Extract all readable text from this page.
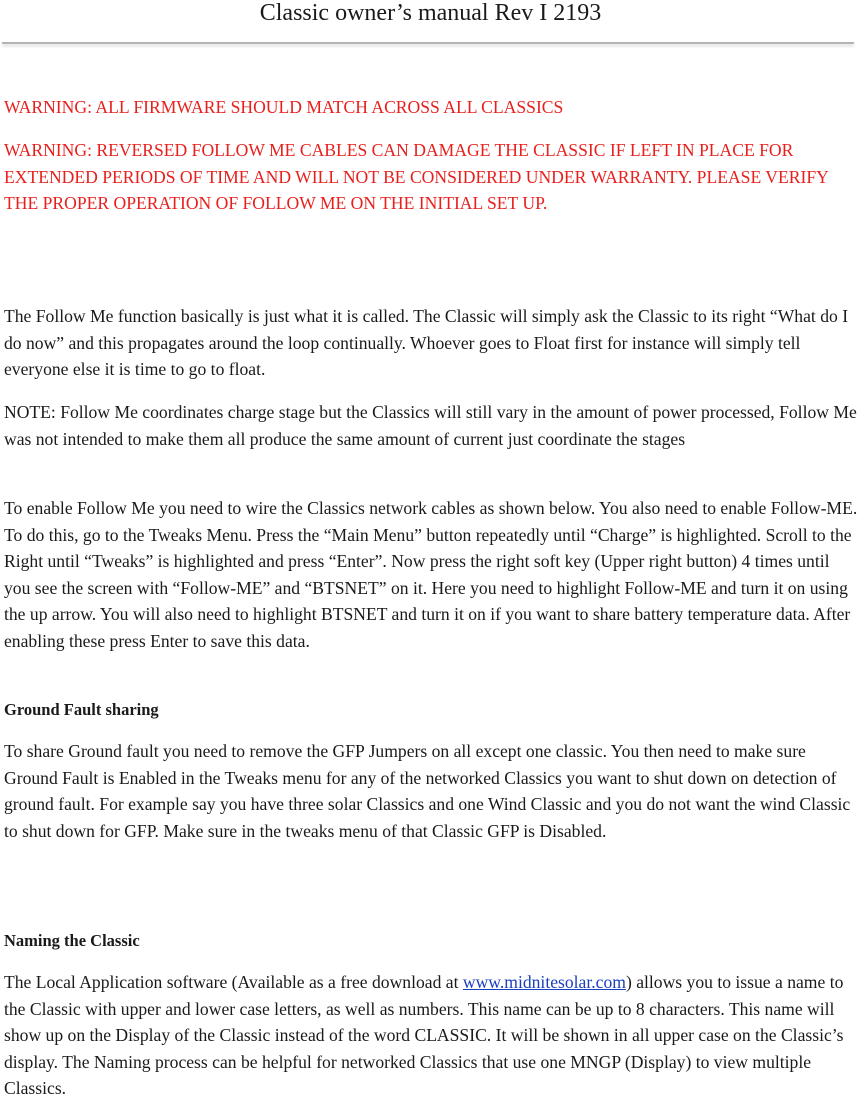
Classic owner’s manual Rev I 2193

WARNING: ALL FIRMWARE SHOULD MATCH ACROSS ALL CLASSICS

WARNING: REVERSED FOLLOW ME CABLES CAN DAMAGE THE CLASSIC IF LEFT IN PLACE FOR EXTENDED PERIODS OF TIME AND WILL NOT BE CONSIDERED UNDER WARRANTY. PLEASE VERIFY THE PROPER OPERATION OF FOLLOW ME ON THE INITIAL SET UP.

The Follow Me function basically is just what it is called. The Classic will simply ask the Classic to its right “What do I do now” and this propagates around the loop continually. Whoever goes to Float first for instance will simply tell everyone else it is time to go to float.

NOTE: Follow Me coordinates charge stage but the Classics will still vary in the amount of power processed, Follow Me was not intended to make them all produce the same amount of current just coordinate the stages

To enable Follow Me you need to wire the Classics network cables as shown below. You also need to enable Follow-ME. To do this, go to the Tweaks Menu. Press the “Main Menu” button repeatedly until “Charge” is highlighted. Scroll to the Right until “Tweaks” is highlighted and press “Enter”. Now press the right soft key (Upper right button) 4 times until you see the screen with “Follow-ME” and “BTSNET” on it. Here you need to highlight Follow-ME and turn it on using the up arrow. You will also need to highlight BTSNET and turn it on if you want to share battery temperature data. After enabling these press Enter to save this data.

Ground Fault sharing

To share Ground fault you need to remove the GFP Jumpers on all except one classic. You then need to make sure Ground Fault is Enabled in the Tweaks menu for any of the networked Classics you want to shut down on detection of ground fault. For example say you have three solar Classics and one Wind Classic and you do not want the wind Classic to shut down for GFP. Make sure in the tweaks menu of that Classic GFP is Disabled.

Naming the Classic

The Local Application software (Available as a free download at www.midnitesolar.com) allows you to issue a name to the Classic with upper and lower case letters, as well as numbers. This name can be up to 8 characters. This name will show up on the Display of the Classic instead of the word CLASSIC. It will be shown in all upper case on the Classic’s display. The Naming process can be helpful for networked Classics that use one MNGP (Display) to view multiple Classics.
